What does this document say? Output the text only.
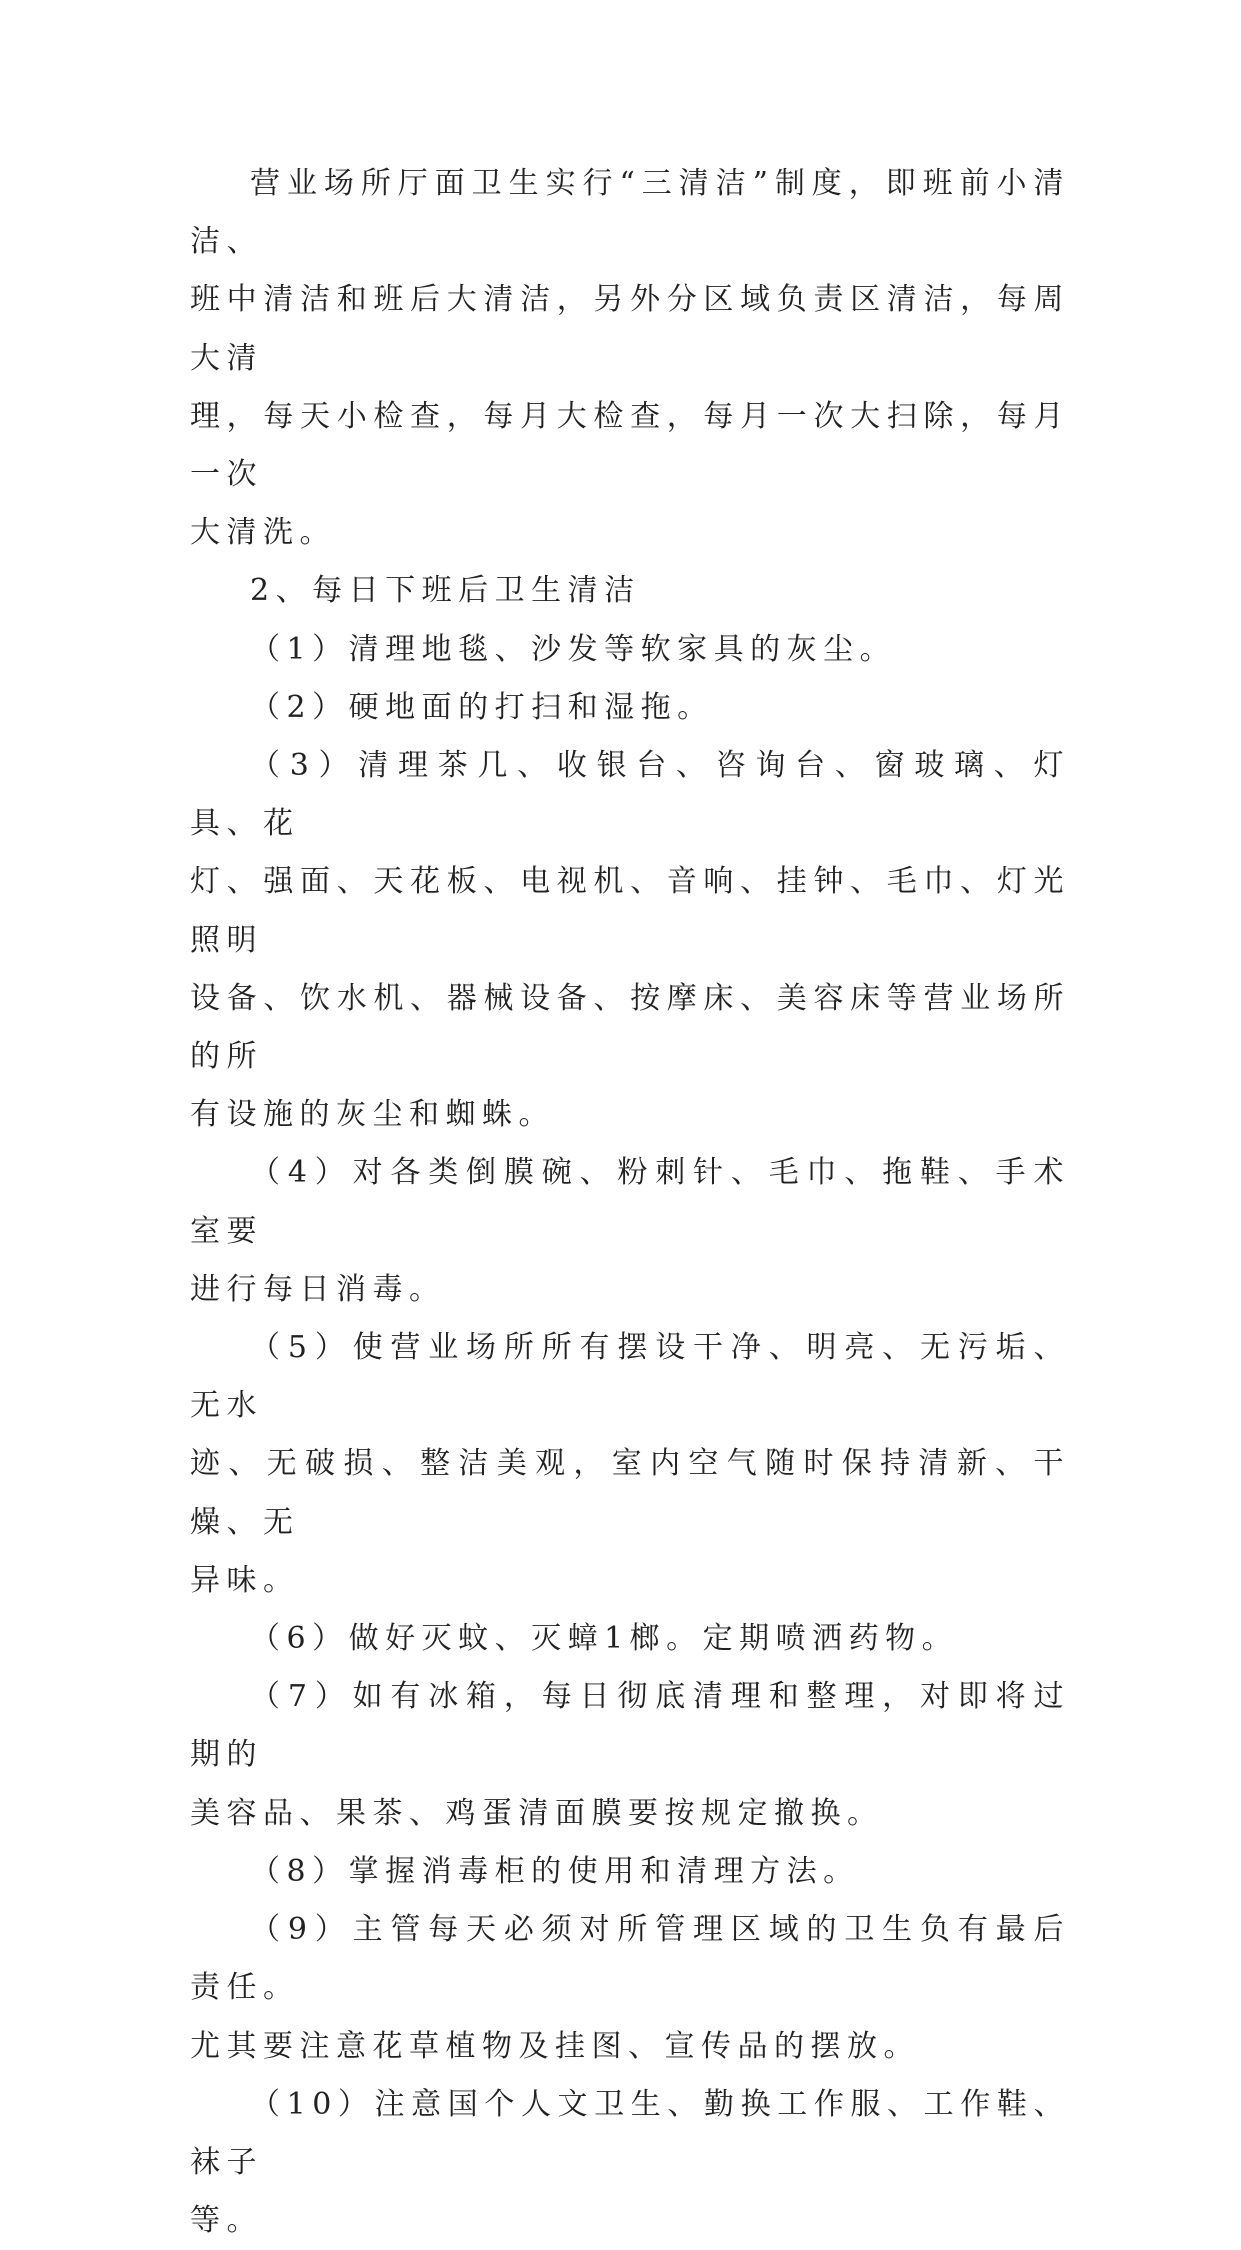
营业场所厅面卫生实行“三清洁”制度，即班前小清洁、
班中清洁和班后大清洁，另外分区域负责区清洁，每周大清
理，每天小检查，每月大检查，每月一次大扫除，每月一次
大清洗。

2、每日下班后卫生清洁

（1）清理地毯、沙发等软家具的灰尘。

（2）硬地面的打扫和湿拖。

（3）清理茶几、收银台、咨询台、窗玻璃、灯具、花
灯、强面、天花板、电视机、音响、挂钟、毛巾、灯光照明
设备、饮水机、器械设备、按摩床、美容床等营业场所的所
有设施的灰尘和蜘蛛。

（4）对各类倒膜碗、粉刺针、毛巾、拖鞋、手术室要
进行每日消毒。

（5）使营业场所所有摆设干净、明亮、无污垢、无水
迹、无破损、整洁美观，室内空气随时保持清新、干燥、无
异味。

（6）做好灭蚊、灭蟑1榔。定期喷洒药物。

（7）如有冰箱，每日彻底清理和整理，对即将过期的
美容品、果茶、鸡蛋清面膜要按规定撤换。

（8）掌握消毒柜的使用和清理方法。

（9）主管每天必须对所管理区域的卫生负有最后责任。
尤其要注意花草植物及挂图、宣传品的摆放。

（10）注意国个人文卫生、勤换工作服、工作鞋、袜子
等。
